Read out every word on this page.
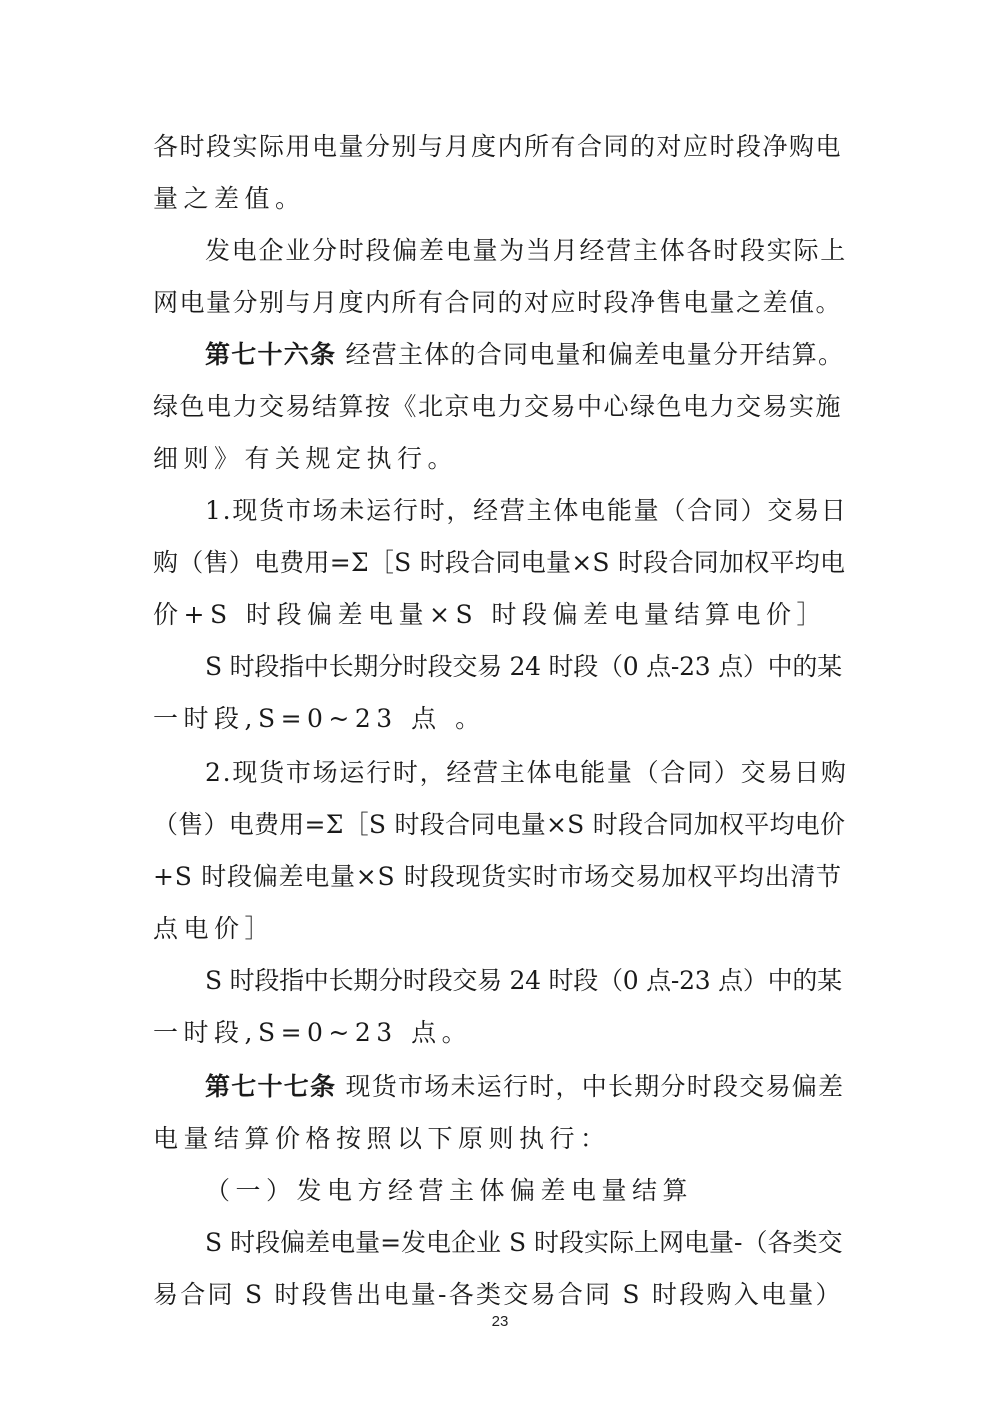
各时段实际用电量分别与月度内所有合同的对应时段净购电
量之差值。
发电企业分时段偏差电量为当月经营主体各时段实际上
网电量分别与月度内所有合同的对应时段净售电量之差值。
第七十六条 经营主体的合同电量和偏差电量分开结算。
绿色电力交易结算按《北京电力交易中心绿色电力交易实施
细则》有关规定执行。
1.现货市场未运行时，经营主体电能量（合同）交易日
购（售）电费用=Σ［S 时段合同电量×S 时段合同加权平均电
价+S 时段偏差电量×S 时段偏差电量结算电价］
S 时段指中长期分时段交易 24 时段（0 点-23 点）中的某
一时段,S=0~23 点 。
2.现货市场运行时，经营主体电能量（合同）交易日购
（售）电费用=Σ［S 时段合同电量×S 时段合同加权平均电价
+S 时段偏差电量×S 时段现货实时市场交易加权平均出清节
点电价］
S 时段指中长期分时段交易 24 时段（0 点-23 点）中的某
一时段,S=0~23 点。
第七十七条 现货市场未运行时，中长期分时段交易偏差
电量结算价格按照以下原则执行：
（一）发电方经营主体偏差电量结算
S 时段偏差电量=发电企业 S 时段实际上网电量-（各类交
易合同 S 时段售出电量-各类交易合同 S 时段购入电量）
23
